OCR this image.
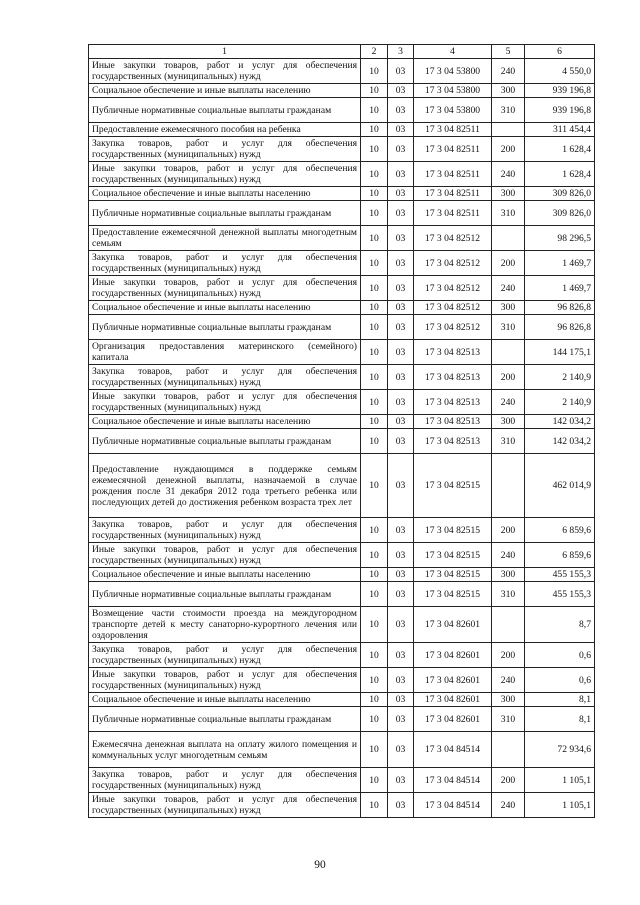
1	2	3	4	5	6
Иные закупки товаров, работ и услуг для обеспечения государственных (муниципальных) нужд	10	03	17 3 04 53800	240	4 550,0
Социальное обеспечение и иные выплаты населению	10	03	17 3 04 53800	300	939 196,8
Публичные нормативные социальные выплаты гражданам	10	03	17 3 04 53800	310	939 196,8
Предоставление ежемесячного пособия на ребенка	10	03	17 3 04 82511		311 454,4
Закупка товаров, работ и услуг для обеспечения государственных (муниципальных) нужд	10	03	17 3 04 82511	200	1 628,4
Иные закупки товаров, работ и услуг для обеспечения государственных (муниципальных) нужд	10	03	17 3 04 82511	240	1 628,4
Социальное обеспечение и иные выплаты населению	10	03	17 3 04 82511	300	309 826,0
Публичные нормативные социальные выплаты гражданам	10	03	17 3 04 82511	310	309 826,0
Предоставление ежемесячной денежной выплаты многодетным семьям	10	03	17 3 04 82512		98 296,5
Закупка товаров, работ и услуг для обеспечения государственных (муниципальных) нужд	10	03	17 3 04 82512	200	1 469,7
Иные закупки товаров, работ и услуг для обеспечения государственных (муниципальных) нужд	10	03	17 3 04 82512	240	1 469,7
Социальное обеспечение и иные выплаты населению	10	03	17 3 04 82512	300	96 826,8
Публичные нормативные социальные выплаты гражданам	10	03	17 3 04 82512	310	96 826,8
Организация предоставления материнского (семейного) капитала	10	03	17 3 04 82513		144 175,1
Закупка товаров, работ и услуг для обеспечения государственных (муниципальных) нужд	10	03	17 3 04 82513	200	2 140,9
Иные закупки товаров, работ и услуг для обеспечения государственных (муниципальных) нужд	10	03	17 3 04 82513	240	2 140,9
Социальное обеспечение и иные выплаты населению	10	03	17 3 04 82513	300	142 034,2
Публичные нормативные социальные выплаты гражданам	10	03	17 3 04 82513	310	142 034,2
Предоставление нуждающимся в поддержке семьям ежемесячной денежной выплаты, назначаемой в случае рождения после 31 декабря 2012 года третьего ребенка или последующих детей до достижения ребенком возраста трех лет	10	03	17 3 04 82515		462 014,9
Закупка товаров, работ и услуг для обеспечения государственных (муниципальных) нужд	10	03	17 3 04 82515	200	6 859,6
Иные закупки товаров, работ и услуг для обеспечения государственных (муниципальных) нужд	10	03	17 3 04 82515	240	6 859,6
Социальное обеспечение и иные выплаты населению	10	03	17 3 04 82515	300	455 155,3
Публичные нормативные социальные выплаты гражданам	10	03	17 3 04 82515	310	455 155,3
Возмещение части стоимости проезда на междугородном транспорте детей к месту санаторно-курортного лечения или оздоровления	10	03	17 3 04 82601		8,7
Закупка товаров, работ и услуг для обеспечения государственных (муниципальных) нужд	10	03	17 3 04 82601	200	0,6
Иные закупки товаров, работ и услуг для обеспечения государственных (муниципальных) нужд	10	03	17 3 04 82601	240	0,6
Социальное обеспечение и иные выплаты населению	10	03	17 3 04 82601	300	8,1
Публичные нормативные социальные выплаты гражданам	10	03	17 3 04 82601	310	8,1
Ежемесячна денежная выплата на оплату жилого помещения и коммунальных услуг многодетным семьям	10	03	17 3 04 84514		72 934,6
Закупка товаров, работ и услуг для обеспечения государственных (муниципальных) нужд	10	03	17 3 04 84514	200	1 105,1
Иные закупки товаров, работ и услуг для обеспечения государственных (муниципальных) нужд	10	03	17 3 04 84514	240	1 105,1
90
